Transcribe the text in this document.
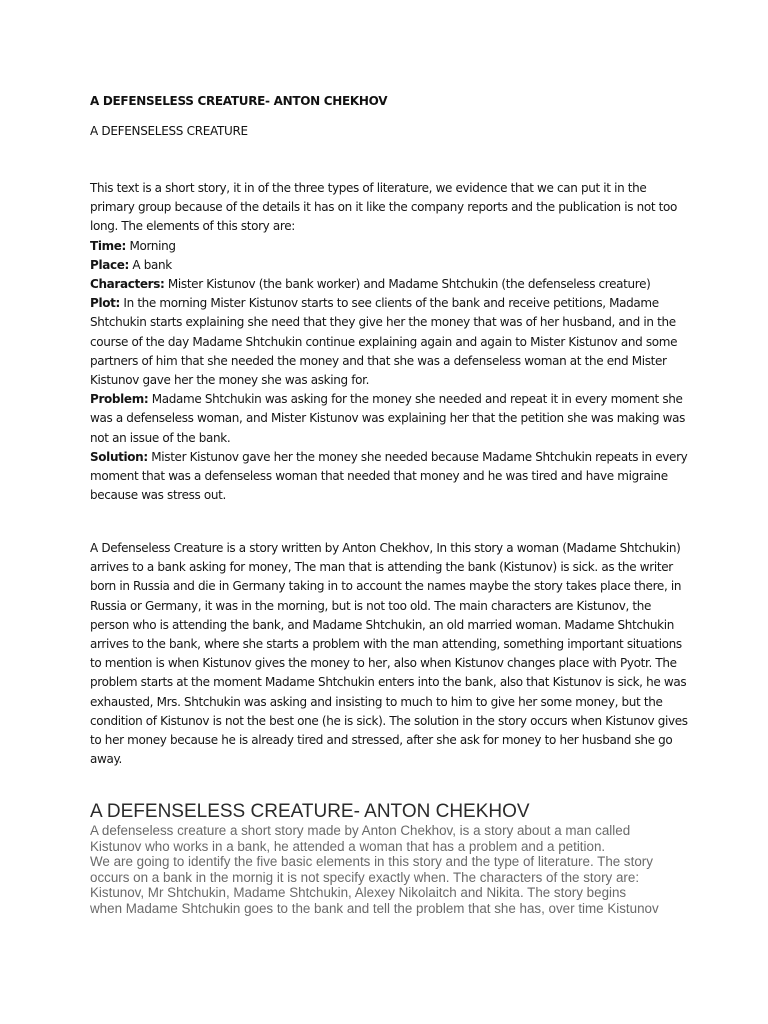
A DEFENSELESS CREATURE- ANTON CHEKHOV

A DEFENSELESS CREATURE

This text is a short story, it in of the three types of literature, we evidence that we can put it in the
primary group because of the details it has on it like the company reports and the publication is not too
long. The elements of this story are:
Time: Morning
Place: A bank
Characters: Mister Kistunov (the bank worker) and Madame Shtchukin (the defenseless creature)
Plot: In the morning Mister Kistunov starts to see clients of the bank and receive petitions, Madame
Shtchukin starts explaining she need that they give her the money that was of her husband, and in the
course of the day Madame Shtchukin continue explaining again and again to Mister Kistunov and some
partners of him that she needed the money and that she was a defenseless woman at the end Mister
Kistunov gave her the money she was asking for.
Problem: Madame Shtchukin was asking for the money she needed and repeat it in every moment she
was a defenseless woman, and Mister Kistunov was explaining her that the petition she was making was
not an issue of the bank.
Solution: Mister Kistunov gave her the money she needed because Madame Shtchukin repeats in every
moment that was a defenseless woman that needed that money and he was tired and have migraine
because was stress out.
A Defenseless Creature is a story written by Anton Chekhov, In this story a woman (Madame Shtchukin)
arrives to a bank asking for money, The man that is attending the bank (Kistunov) is sick. as the writer
born in Russia and die in Germany taking in to account the names maybe the story takes place there, in
Russia or Germany, it was in the morning, but is not too old. The main characters are Kistunov, the
person who is attending the bank, and Madame Shtchukin, an old married woman. Madame Shtchukin
arrives to the bank, where she starts a problem with the man attending, something important situations
to mention is when Kistunov gives the money to her, also when Kistunov changes place with Pyotr. The
problem starts at the moment Madame Shtchukin enters into the bank, also that Kistunov is sick, he was
exhausted, Mrs. Shtchukin was asking and insisting to much to him to give her some money, but the
condition of Kistunov is not the best one (he is sick). The solution in the story occurs when Kistunov gives
to her money because he is already tired and stressed, after she ask for money to her husband she go
away.

A DEFENSELESS CREATURE- ANTON CHEKHOV

A defenseless creature a short story made by Anton Chekhov, is a story about a man called
Kistunov who works in a bank, he attended a woman that has a problem and a petition.
We are going to identify the five basic elements in this story and the type of literature. The story
occurs on a bank in the mornig it is not specify exactly when. The characters of the story are:
Kistunov, Mr Shtchukin, Madame Shtchukin, Alexey Nikolaitch and Nikita. The story begins
when Madame Shtchukin goes to the bank and tell the problem that she has, over time Kistunov
